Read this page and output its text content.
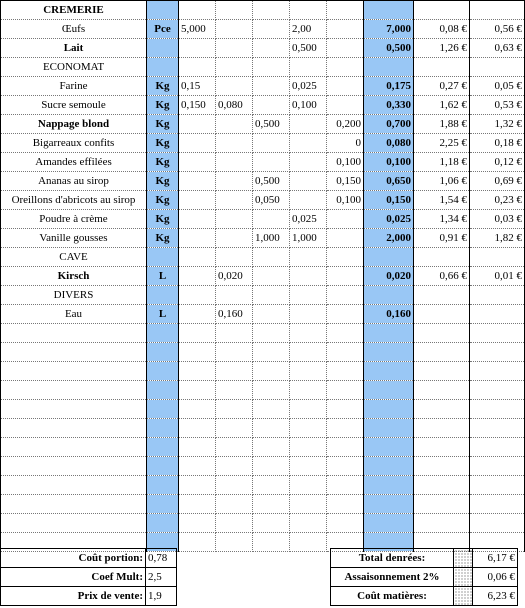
CREMERIE									
Œufs	Pce	5,000			2,00		7,000	0,08 €	0,56 €
Lait					0,500		0,500	1,26 €	0,63 €
ECONOMAT									
Farine	Kg	0,15			0,025		0,175	0,27 €	0,05 €
Sucre semoule	Kg	0,150	0,080		0,100		0,330	1,62 €	0,53 €
Nappage blond	Kg			0,500		0,200	0,700	1,88 €	1,32 €
Bigarreaux confits	Kg					0	0,080	2,25 €	0,18 €
Amandes effilées	Kg					0,100	0,100	1,18 €	0,12 €
Ananas au sirop	Kg			0,500		0,150	0,650	1,06 €	0,69 €
Oreillons d'abricots au sirop	Kg			0,050		0,100	0,150	1,54 €	0,23 €
Poudre à crème	Kg				0,025		0,025	1,34 €	0,03 €
Vanille gousses	Kg			1,000	1,000		2,000	0,91 €	1,82 €
CAVE									
Kirsch	L		0,020				0,020	0,66 €	0,01 €
DIVERS									
Eau	L		0,160				0,160		

Coût portion:	0,78
Coef Mult:	2,5
Prix de vente:	1,9
Total denrées:		6,17 €
Assaisonnement 2%		0,06 €
Coût matières:		6,23 €
